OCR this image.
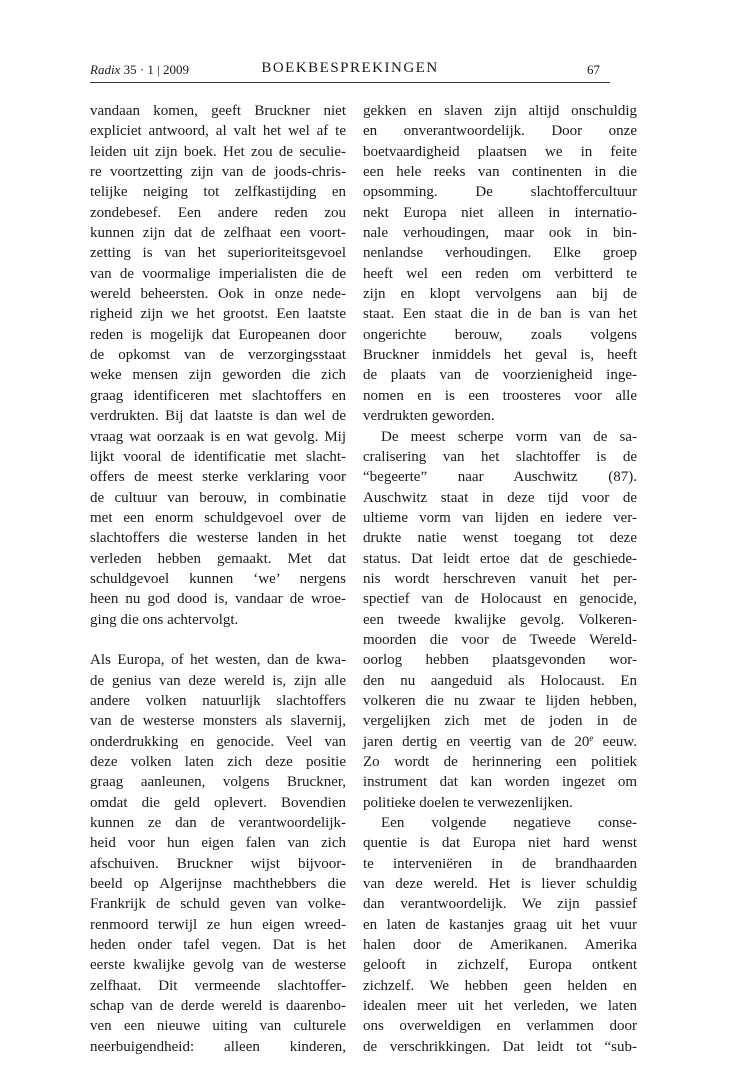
Radix 35 · 1 | 2009	BOEKBESPREKINGEN	67
vandaan komen, geeft Bruckner niet
expliciet antwoord, al valt het wel af te
leiden uit zijn boek. Het zou de seculie-
re voortzetting zijn van de joods-chris-
telijke neiging tot zelfkastijding en
zondebesef. Een andere reden zou
kunnen zijn dat de zelfhaat een voort-
zetting is van het superioriteitsgevoel
van de voormalige imperialisten die de
wereld beheersten. Ook in onze nede-
righeid zijn we het grootst. Een laatste
reden is mogelijk dat Europeanen door
de opkomst van de verzorgingsstaat
weke mensen zijn geworden die zich
graag identificeren met slachtoffers en
verdrukten. Bij dat laatste is dan wel de
vraag wat oorzaak is en wat gevolg. Mij
lijkt vooral de identificatie met slacht-
offers de meest sterke verklaring voor
de cultuur van berouw, in combinatie
met een enorm schuldgevoel over de
slachtoffers die westerse landen in het
verleden hebben gemaakt. Met dat
schuldgevoel kunnen ‘we’ nergens
heen nu god dood is, vandaar de wroe-
ging die ons achtervolgt.
Als Europa, of het westen, dan de kwa-
de genius van deze wereld is, zijn alle
andere volken natuurlijk slachtoffers
van de westerse monsters als slavernij,
onderdrukking en genocide. Veel van
deze volken laten zich deze positie
graag aanleunen, volgens Bruckner,
omdat die geld oplevert. Bovendien
kunnen ze dan de verantwoordelijk-
heid voor hun eigen falen van zich
afschuiven. Bruckner wijst bijvoor-
beeld op Algerijnse machthebbers die
Frankrijk de schuld geven van volke-
renmoord terwijl ze hun eigen wreed-
heden onder tafel vegen. Dat is het
eerste kwalijke gevolg van de westerse
zelfhaat. Dit vermeende slachtoffer-
schap van de derde wereld is daarenbo-
ven een nieuwe uiting van culturele
neerbuigendheid: alleen kinderen,
gekken en slaven zijn altijd onschuldig
en onverantwoordelijk. Door onze
boetvaardigheid plaatsen we in feite
een hele reeks van continenten in die
opsomming. De slachtoffercultuur
nekt Europa niet alleen in internatio-
nale verhoudingen, maar ook in bin-
nenlandse verhoudingen. Elke groep
heeft wel een reden om verbitterd te
zijn en klopt vervolgens aan bij de
staat. Een staat die in de ban is van het
ongerichte berouw, zoals volgens
Bruckner inmiddels het geval is, heeft
de plaats van de voorzienigheid inge-
nomen en is een troosteres voor alle
verdrukten geworden.
De meest scherpe vorm van de sa-
cralisering van het slachtoffer is de
“begeerte” naar Auschwitz (87).
Auschwitz staat in deze tijd voor de
ultieme vorm van lijden en iedere ver-
drukte natie wenst toegang tot deze
status. Dat leidt ertoe dat de geschiede-
nis wordt herschreven vanuit het per-
spectief van de Holocaust en genocide,
een tweede kwalijke gevolg. Volkeren-
moorden die voor de Tweede Wereld-
oorlog hebben plaatsgevonden wor-
den nu aangeduid als Holocaust. En
volkeren die nu zwaar te lijden hebben,
vergelijken zich met de joden in de
jaren dertig en veertig van de 20e eeuw.
Zo wordt de herinnering een politiek
instrument dat kan worden ingezet om
politieke doelen te verwezenlijken.
Een volgende negatieve conse-
quentie is dat Europa niet hard wenst
te interveniëren in de brandhaarden
van deze wereld. Het is liever schuldig
dan verantwoordelijk. We zijn passief
en laten de kastanjes graag uit het vuur
halen door de Amerikanen. Amerika
gelooft in zichzelf, Europa ontkent
zichzelf. We hebben geen helden en
idealen meer uit het verleden, we laten
ons overweldigen en verlammen door
de verschrikkingen. Dat leidt tot “sub-
